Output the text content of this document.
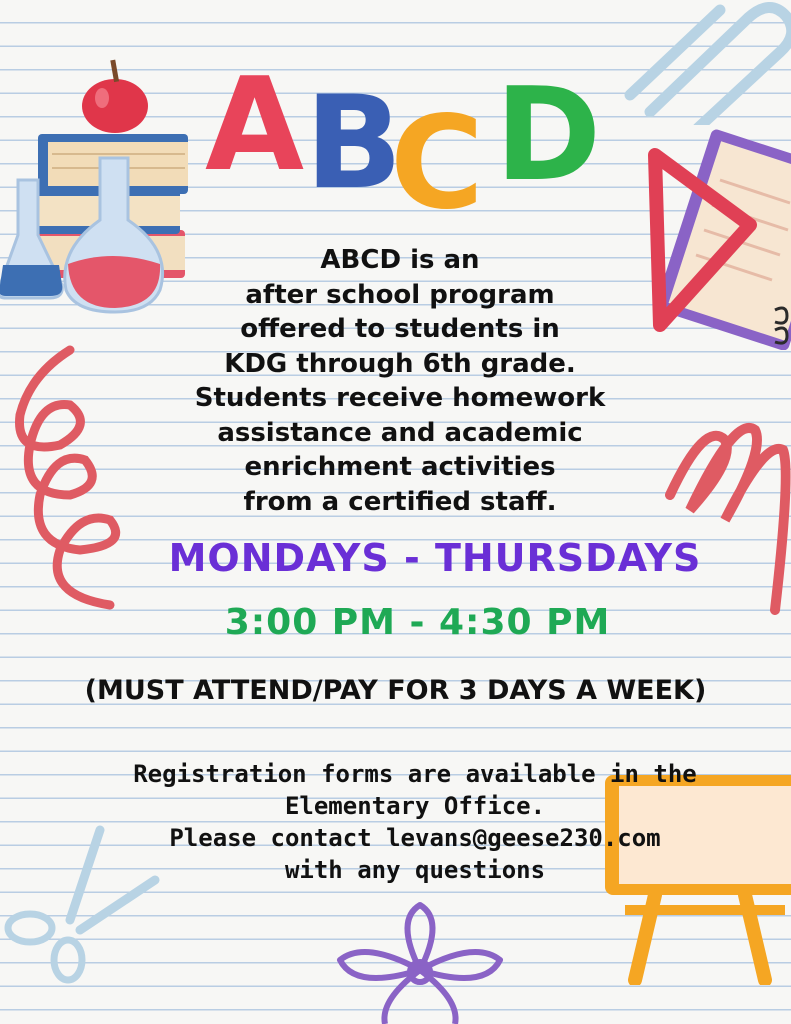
A B
C D
ABCD is an
after school program
offered to students in
KDG through 6th grade.
Students receive homework
assistance and academic
enrichment activities
from a certified staff.
MONDAYS - THURSDAYS
3:00 PM - 4:30 PM
(MUST ATTEND/PAY FOR 3 DAYS A WEEK)
Registration forms are available in the
Elementary Office.
Please contact levans@geese230.com
with any questions
